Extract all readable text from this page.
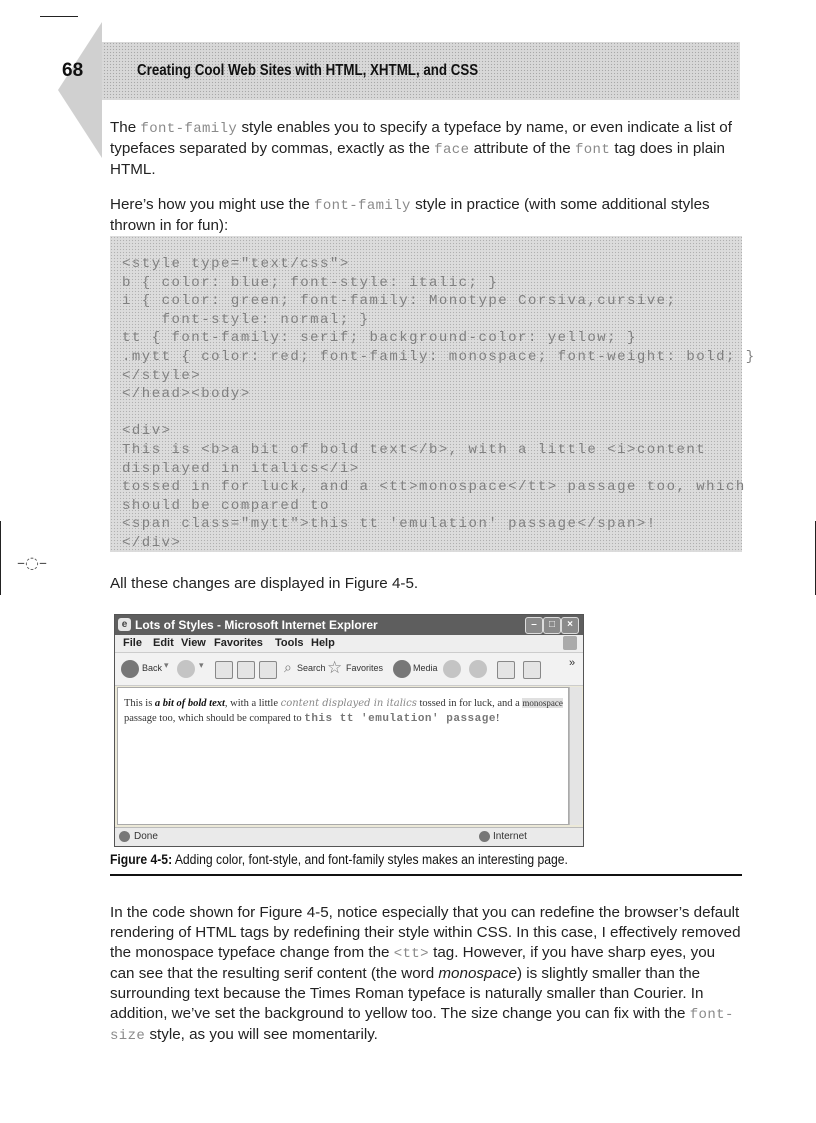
–◌–
68	Creating Cool Web Sites with HTML, XHTML, and CSS

The font-family style enables you to specify a typeface by name, or even indicate a list of typefaces separated by commas, exactly as the face attribute of the font tag does in plain HTML.

Here’s how you might use the font-family style in practice (with some additional styles thrown in for fun):

<style type="text/css">
b { color: blue; font-style: italic; }
i { color: green; font-family: Monotype Corsiva,cursive;
font-style: normal; }
tt { font-family: serif; background-color: yellow; }
.mytt { color: red; font-family: monospace; font-weight: bold; }
</style>
</head><body>

<div>
This is <b>a bit of bold text</b>, with a little <i>content
displayed in italics</i>
tossed in for luck, and a <tt>monospace</tt> passage too, which
should be compared to
<span class="mytt">this tt 'emulation' passage</span>!
</div>

All these changes are displayed in Figure 4-5.

e Lots of Styles - Microsoft Internet Explorer	–	□	×
File Edit View Favorites Tools Help
Back ▾	▾	⌕ Search ☆ Favorites	Media	»
This is a bit of bold text, with a little content displayed in italics tossed in for luck, and a monospace passage too, which should be compared to this tt 'emulation' passage!
Done	Internet
Figure 4-5: Adding color, font-style, and font-family styles makes an interesting page.

In the code shown for Figure 4-5, notice especially that you can redefine the browser’s default rendering of HTML tags by redefining their style within CSS. In this case, I effectively removed the monospace typeface change from the <tt> tag. However, if you have sharp eyes, you can see that the resulting serif content (the word monospace) is slightly smaller than the surrounding text because the Times Roman typeface is naturally smaller than Courier. In addition, we’ve set the background to yellow too. The size change you can fix with the font-size style, as you will see momentarily.
